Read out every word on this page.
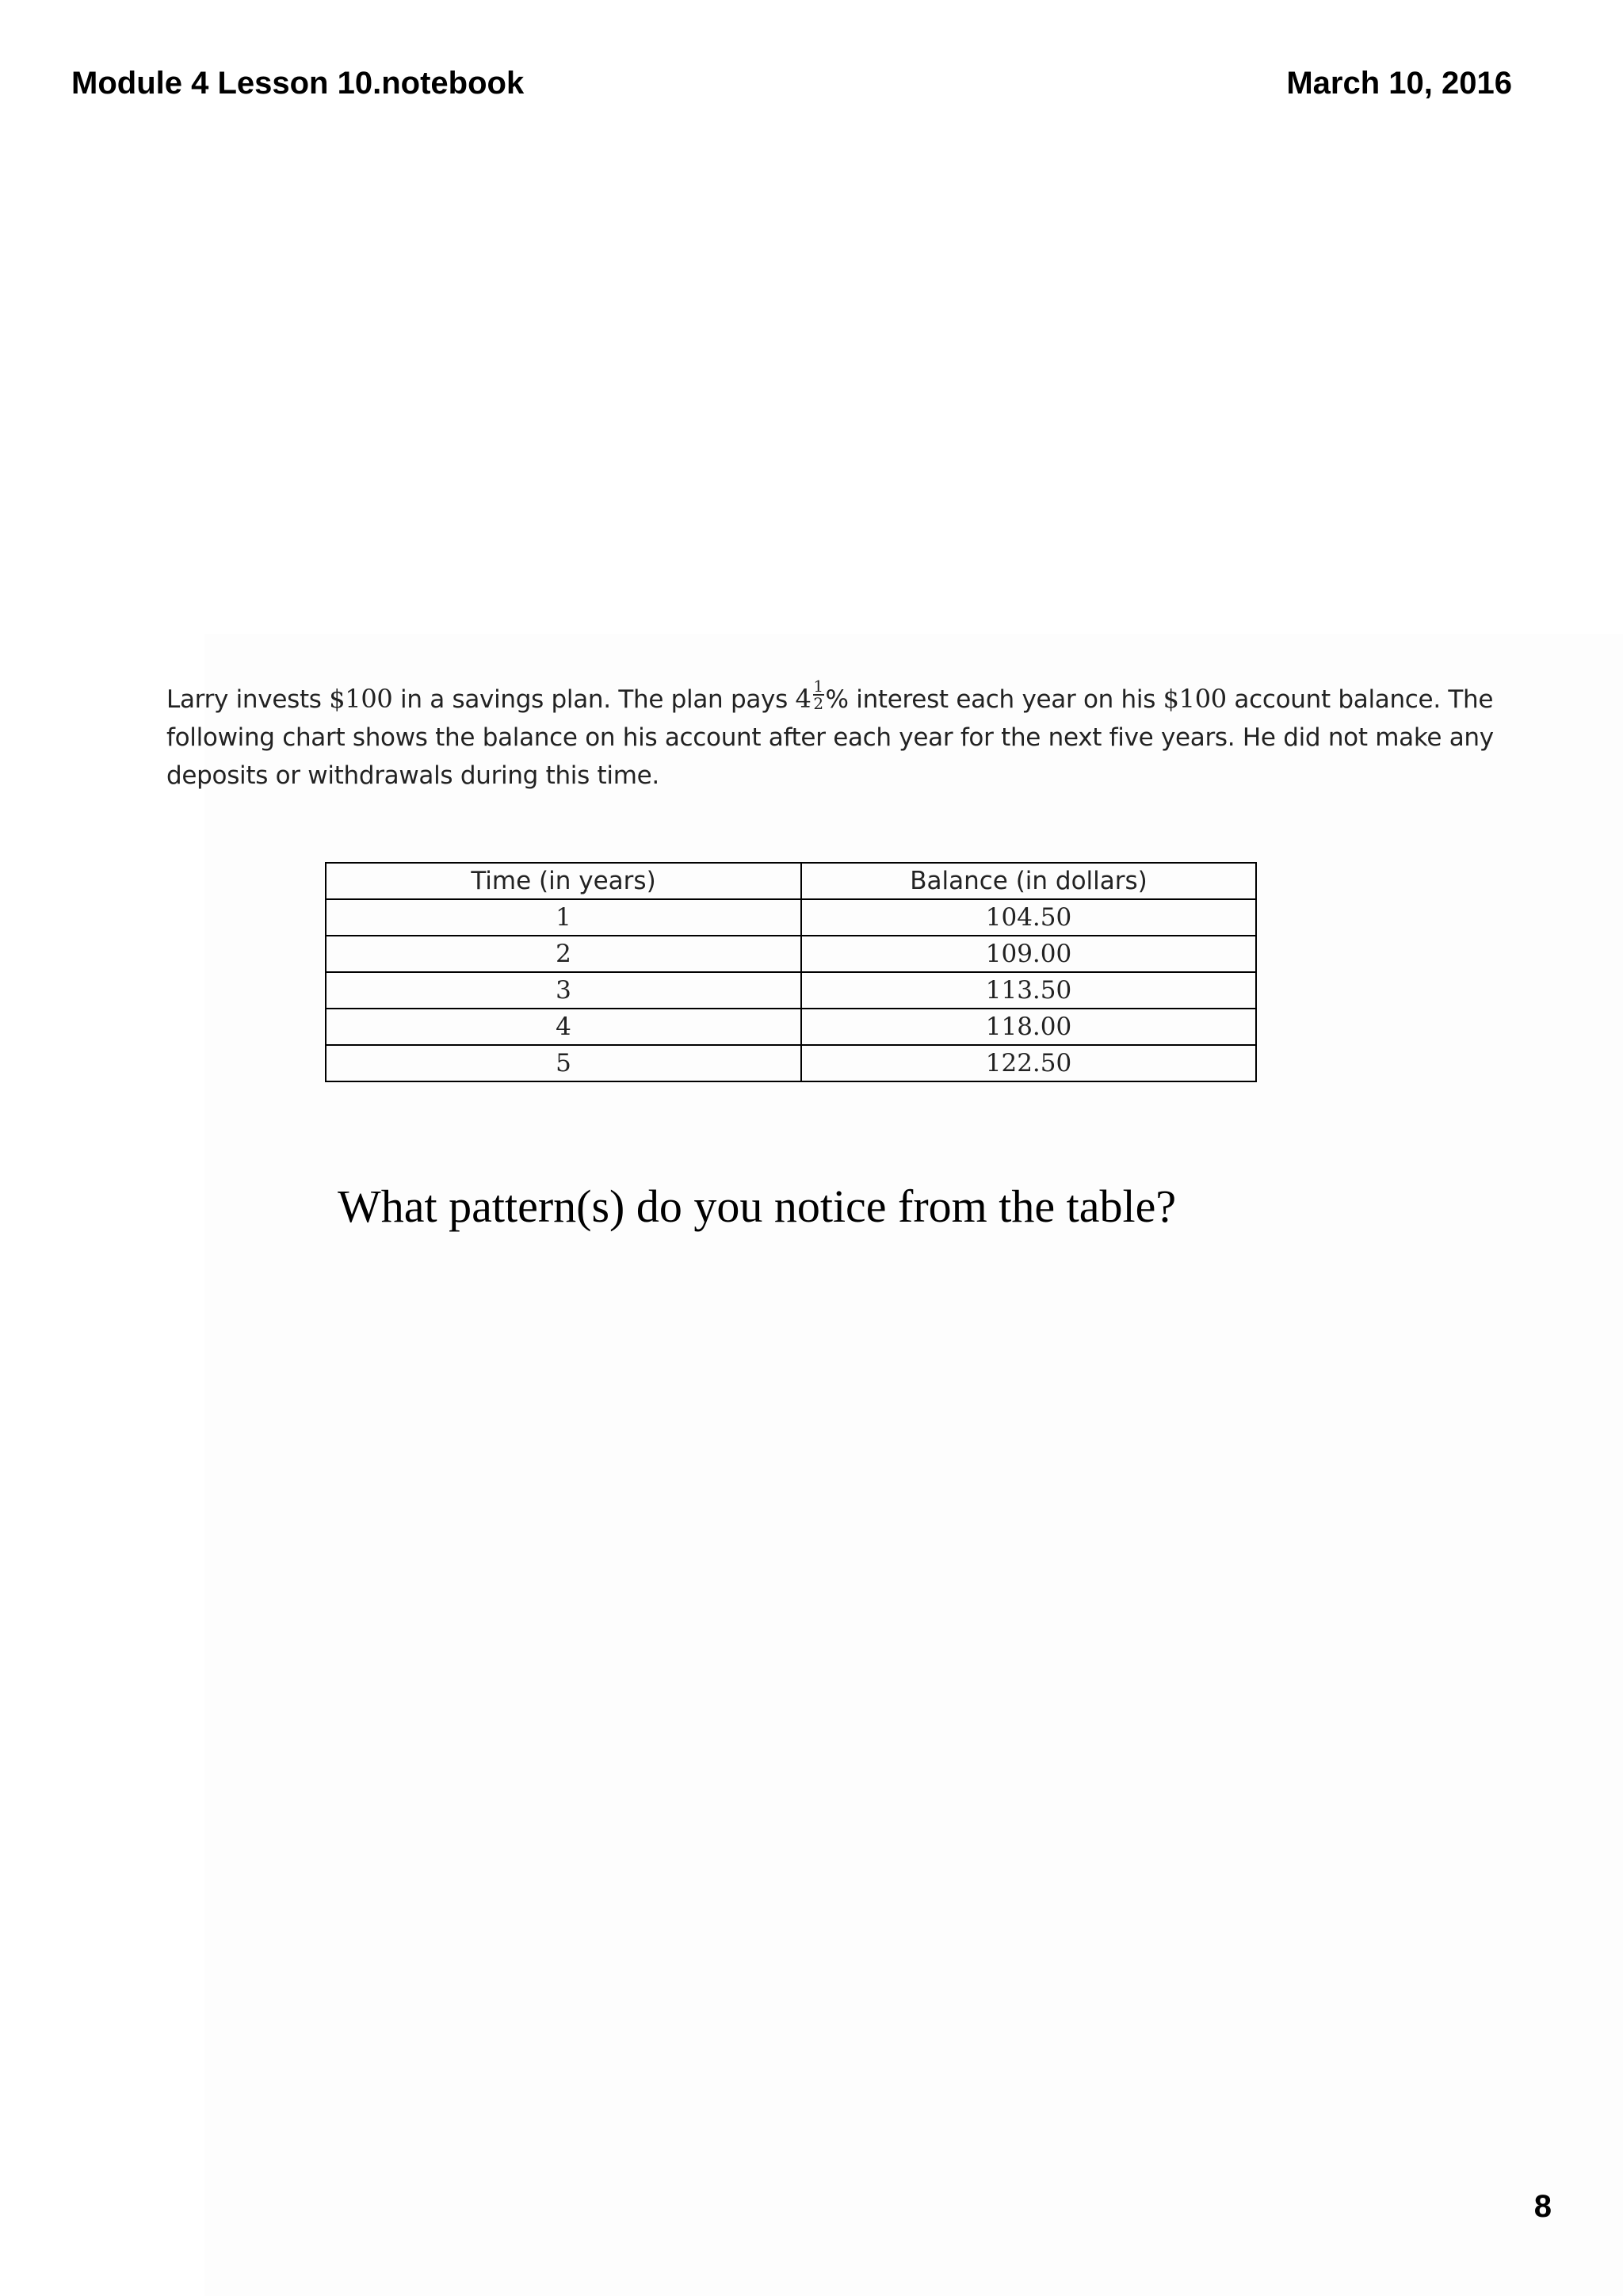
Module 4 Lesson 10.notebook	March 10, 2016
Larry invests $100 in a savings plan. The plan pays $4 \frac{1}{2}$ % interest each year on his $100 account balance. The following chart shows the balance on his account after each year for the next five years. He did not make any deposits or withdrawals during this time.
Time (in years)	Balance (in dollars)
1	104.50
2	109.00
3	113.50
4	118.00
5	122.50
What pattern(s) do you notice from the table?
8
